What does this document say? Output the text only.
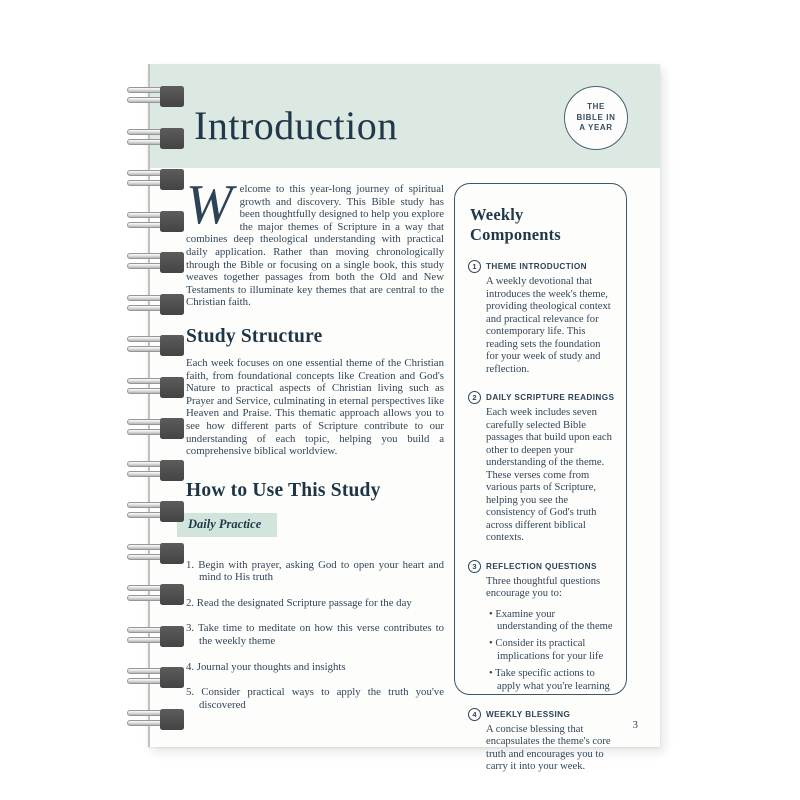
Introduction	THE
BIBLE IN
A YEAR

Welcome to this year-long journey of spiritual growth and discovery. This Bible study has been thoughtfully designed to help you explore the major themes of Scripture in a way that combines deep theological understanding with practical daily application. Rather than moving chronologically through the Bible or focusing on a single book, this study weaves together passages from both the Old and New Testaments to illuminate key themes that are central to the Christian faith.

Study Structure

Each week focuses on one essential theme of the Christian faith, from foundational concepts like Creation and God's Nature to practical aspects of Christian living such as Prayer and Service, culminating in eternal perspectives like Heaven and Praise. This thematic approach allows you to see how different parts of Scripture contribute to our understanding of each topic, helping you build a comprehensive biblical worldview.

How to Use This Study
Daily Practice
1. Begin with prayer, asking God to open your heart and mind to His truth
2. Read the designated Scripture passage for the day
3. Take time to meditate on how this verse contributes to the weekly theme
4. Journal your thoughts and insights
5. Consider practical ways to apply the truth you've discovered
Weekly Components
1	THEME INTRODUCTION
A weekly devotional that introduces the week's theme, providing theological context and practical relevance for contemporary life. This reading sets the foundation for your week of study and reflection.
2	DAILY SCRIPTURE READINGS
Each week includes seven carefully selected Bible passages that build upon each other to deepen your understanding of the theme. These verses come from various parts of Scripture, helping you see the consistency of God's truth across different biblical contexts.
3	REFLECTION QUESTIONS
Three thoughtful questions encourage you to:
• Examine your understanding of the theme
• Consider its practical implications for your life
• Take specific actions to apply what you're learning
4	WEEKLY BLESSING
A concise blessing that encapsulates the theme's core truth and encourages you to carry it into your week.
3
